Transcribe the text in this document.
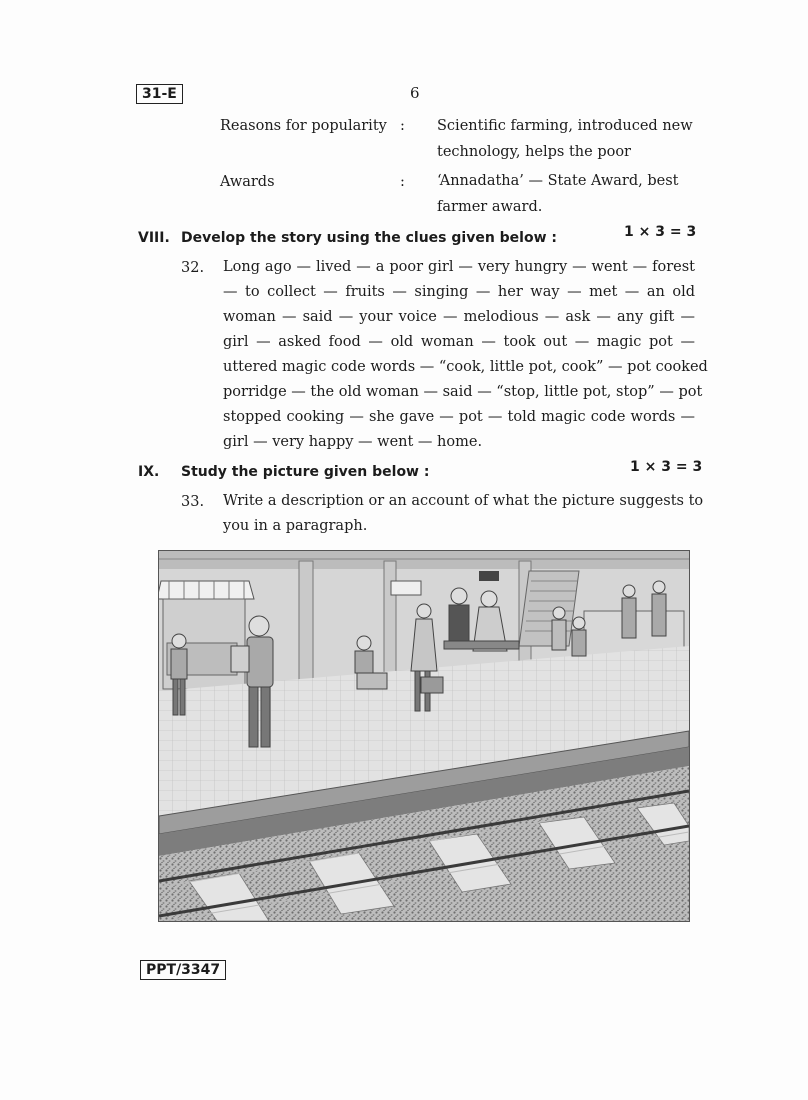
31-E	6
Reasons for popularity : Scientific farming, introduced new
technology, helps the poor
Awards	: ‘Annadatha’ — State Award, best
farmer award.
VIII. Develop the story using the clues given below :	1 × 3 = 3
32. Long ago — lived — a poor girl — very hungry — went — forest
— to collect — fruits — singing — her way — met — an old
woman — said — your voice — melodious — ask — any gift —
girl — asked food — old woman — took out — magic pot —
uttered magic code words — “cook, little pot, cook” — pot cooked
porridge — the old woman — said — “stop, little pot, stop” — pot
stopped cooking — she gave — pot — told magic code words —
girl — very happy — went — home.
IX. Study the picture given below :	1 × 3 = 3
33. Write a description or an account of what the picture suggests to
you in a paragraph.
PPT/3347
